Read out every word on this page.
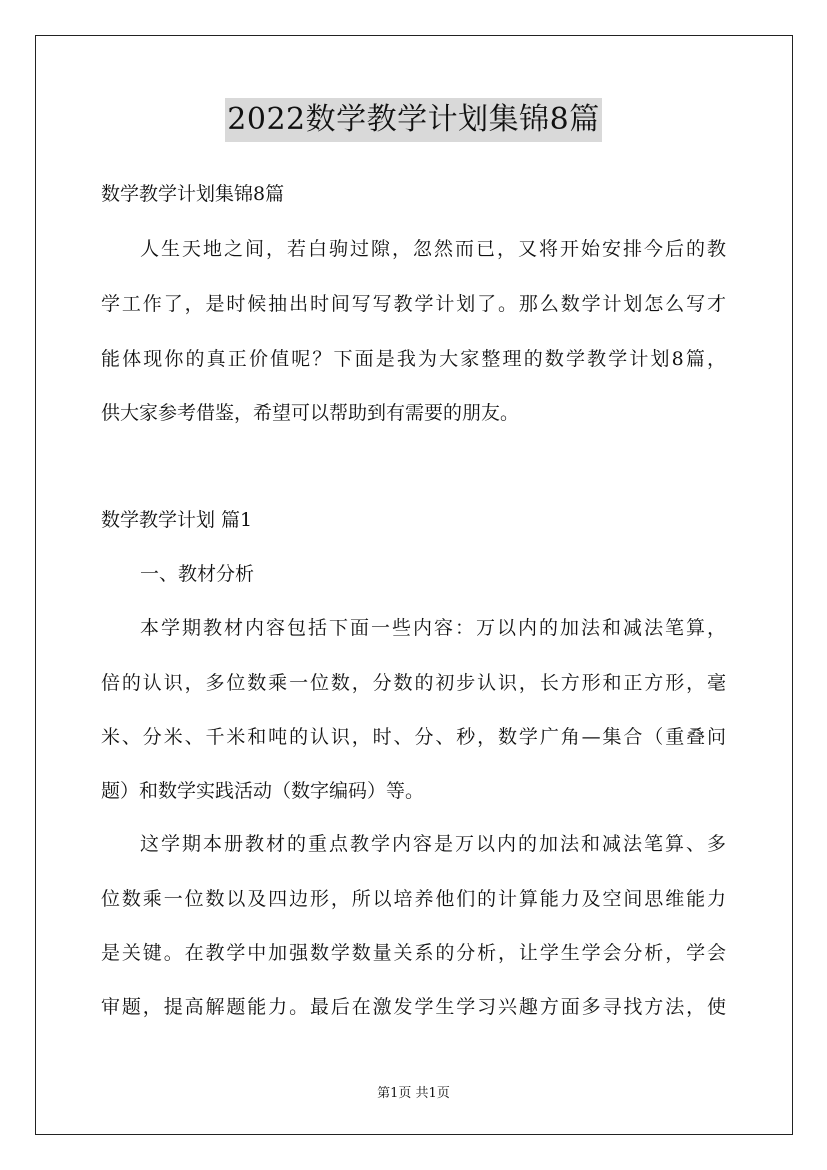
2022数学教学计划集锦8篇

数学教学计划集锦8篇

人生天地之间，若白驹过隙，忽然而已，又将开始安排今后的教

学工作了，是时候抽出时间写写教学计划了。那么数学计划怎么写才

能体现你的真正价值呢？下面是我为大家整理的数学教学计划8篇，

供大家参考借鉴，希望可以帮助到有需要的朋友。

数学教学计划 篇1

一、教材分析

本学期教材内容包括下面一些内容：万以内的加法和减法笔算，

倍的认识，多位数乘一位数，分数的初步认识，长方形和正方形，毫

米、分米、千米和吨的认识，时、分、秒，数学广角—集合（重叠问

题）和数学实践活动（数字编码）等。

这学期本册教材的重点教学内容是万以内的加法和减法笔算、多

位数乘一位数以及四边形，所以培养他们的计算能力及空间思维能力

是关键。在教学中加强数学数量关系的分析，让学生学会分析，学会

审题，提高解题能力。最后在激发学生学习兴趣方面多寻找方法，使

第1页 共1页
